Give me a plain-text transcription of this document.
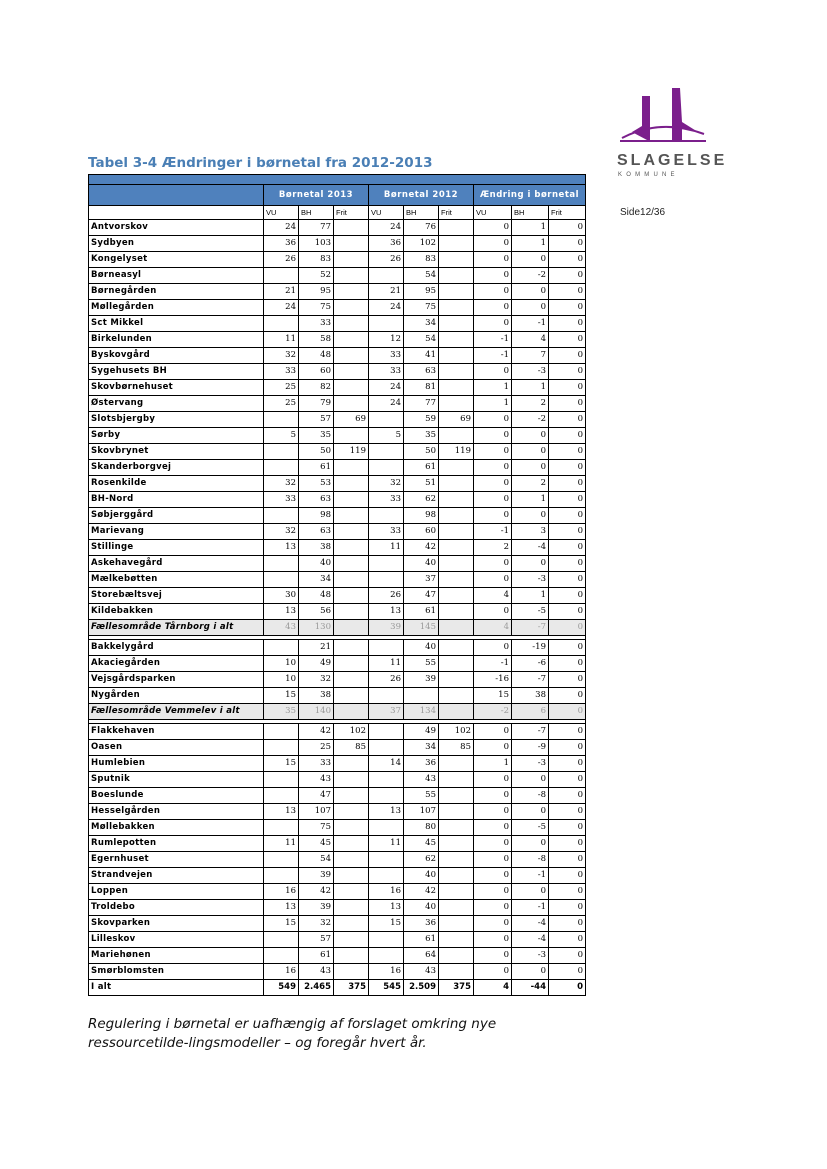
SLAGELSE
KOMMUNE
Side12/36
Tabel 3-4 Ændringer i børnetal fra 2012-2013

	Børnetal 2013			Børnetal 2012			Ændring i børnetal		
	VU	BH	Frit	VU	BH	Frit	VU	BH	Frit
Antvorskov	24	77		24	76		0	1	0
Sydbyen	36	103		36	102		0	1	0
Kongelyset	26	83		26	83		0	0	0
Børneasyl		52			54		0	-2	0
Børnegården	21	95		21	95		0	0	0
Møllegården	24	75		24	75		0	0	0
Sct Mikkel		33			34		0	-1	0
Birkelunden	11	58		12	54		-1	4	0
Byskovgård	32	48		33	41		-1	7	0
Sygehusets BH	33	60		33	63		0	-3	0
Skovbørnehuset	25	82		24	81		1	1	0
Østervang	25	79		24	77		1	2	0
Slotsbjergby		57	69		59	69	0	-2	0
Sørby	5	35		5	35		0	0	0
Skovbrynet		50	119		50	119	0	0	0
Skanderborgvej		61			61		0	0	0
Rosenkilde	32	53		32	51		0	2	0
BH-Nord	33	63		33	62		0	1	0
Søbjerggård		98			98		0	0	0
Marievang	32	63		33	60		-1	3	0
Stillinge	13	38		11	42		2	-4	0
Askehavegård		40			40		0	0	0
Mælkebøtten		34			37		0	-3	0
Storebæltsvej	30	48		26	47		4	1	0
Kildebakken	13	56		13	61		0	-5	0
Fællesområde Tårnborg i alt	43	130		39	145		4	-7	0

Bakkelygård		21			40		0	-19	0
Akaciegården	10	49		11	55		-1	-6	0
Vejsgårdsparken	10	32		26	39		-16	-7	0
Nygården	15	38					15	38	0
Fællesområde Vemmelev i alt	35	140		37	134		-2	6	0

Flakkehaven		42	102		49	102	0	-7	0
Oasen		25	85		34	85	0	-9	0
Humlebien	15	33		14	36		1	-3	0
Sputnik		43			43		0	0	0
Boeslunde		47			55		0	-8	0
Hesselgården	13	107		13	107		0	0	0
Møllebakken		75			80		0	-5	0
Rumlepotten	11	45		11	45		0	0	0
Egernhuset		54			62		0	-8	0
Strandvejen		39			40		0	-1	0
Loppen	16	42		16	42		0	0	0
Troldebo	13	39		13	40		0	-1	0
Skovparken	15	32		15	36		0	-4	0
Lilleskov		57			61		0	-4	0
Mariehønen		61			64		0	-3	0
Smørblomsten	16	43		16	43		0	0	0
I alt	549	2.465	375	545	2.509	375	4	-44	0
Regulering i børnetal er uafhængig af forslaget omkring nye ressourcetilde-lingsmodeller – og foregår hvert år.
